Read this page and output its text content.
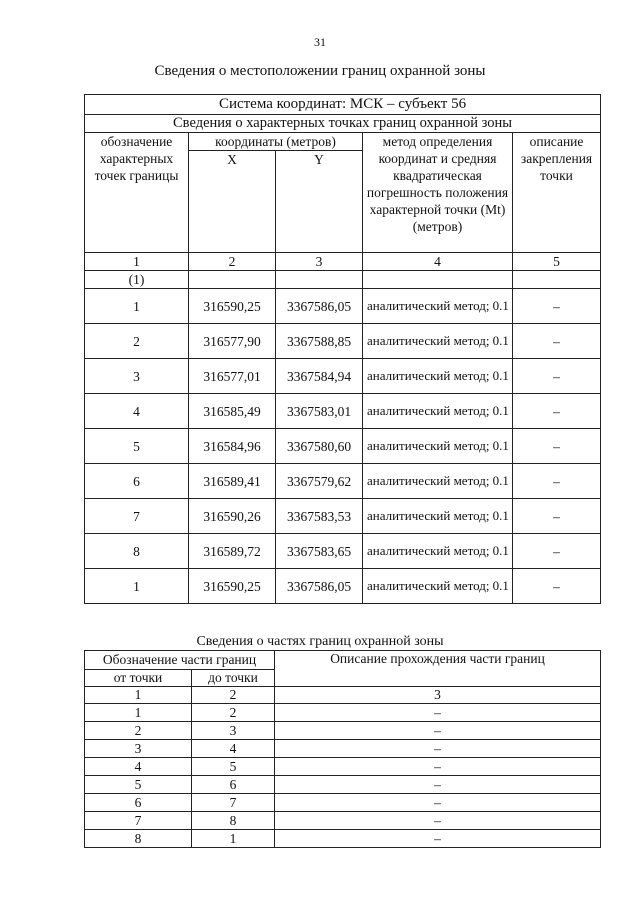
31
Сведения о местоположении границ охранной зоны
Система координат: МСК – субъект 56				
Сведения о характерных точках границ охранной зоны				
обозначение характерных точек границы	координаты (метров)		метод определения координат и средняя квадратическая погрешность положения характерной точки (Mt) (метров)	описание закрепления точки
	X	Y		
1	2	3	4	5
(1)				
1	316590,25	3367586,05	аналитический метод; 0.1	–
2	316577,90	3367588,85	аналитический метод; 0.1	–
3	316577,01	3367584,94	аналитический метод; 0.1	–
4	316585,49	3367583,01	аналитический метод; 0.1	–
5	316584,96	3367580,60	аналитический метод; 0.1	–
6	316589,41	3367579,62	аналитический метод; 0.1	–
7	316590,26	3367583,53	аналитический метод; 0.1	–
8	316589,72	3367583,65	аналитический метод; 0.1	–
1	316590,25	3367586,05	аналитический метод; 0.1	–
Сведения о частях границ охранной зоны
Обозначение части границ		Описание прохождения части границ
от точки	до точки	
1	2	3
1	2	–
2	3	–
3	4	–
4	5	–
5	6	–
6	7	–
7	8	–
8	1	–
